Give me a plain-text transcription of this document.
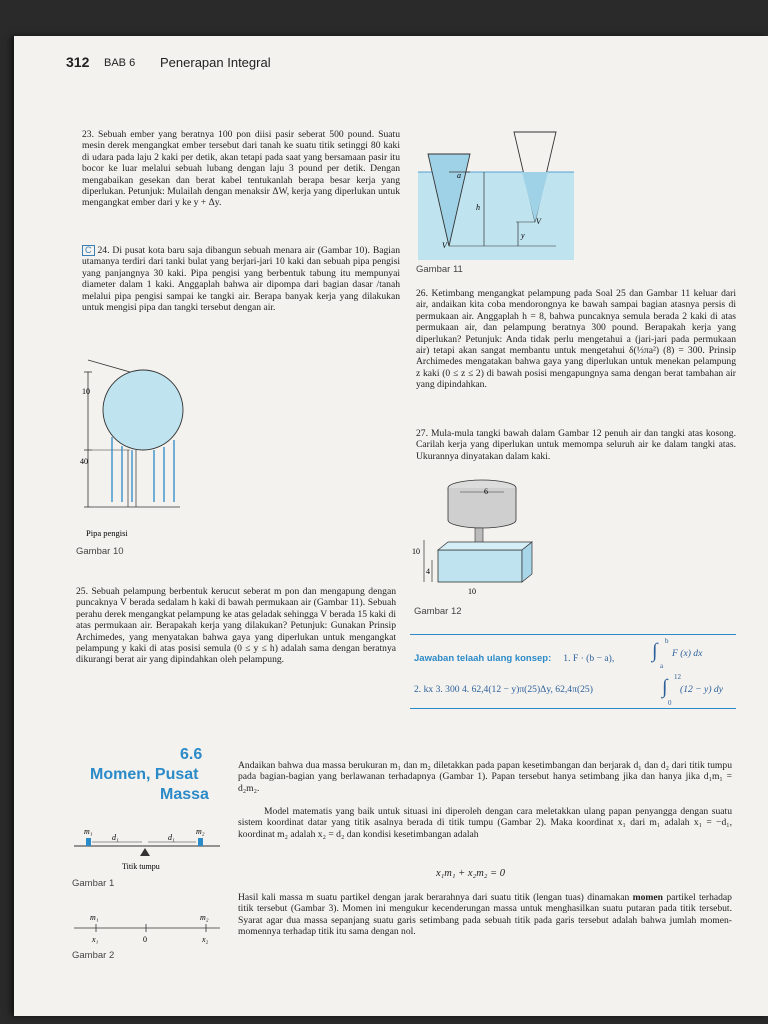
312 BAB 6 Penerapan Integral
23. Sebuah ember yang beratnya 100 pon diisi pasir seberat 500 pound. Suatu mesin derek mengangkat ember tersebut dari tanah ke suatu titik setinggi 80 kaki di udara pada laju 2 kaki per detik, akan tetapi pada saat yang bersamaan pasir itu bocor ke luar melalui sebuah lubang dengan laju 3 pound per detik. Dengan mengabaikan gesekan dan berat kabel tentukanlah berapa besar kerja yang diperlukan. Petunjuk: Mulailah dengan menaksir ΔW, kerja yang diperlukan untuk mengangkat ember dari y ke y + Δy.
C 24. Di pusat kota baru saja dibangun sebuah menara air (Gambar 10). Bagian utamanya terdiri dari tanki bulat yang berjari-jari 10 kaki dan sebuah pipa pengisi yang panjangnya 30 kaki. Pipa pengisi yang berbentuk tabung itu mempunyai diameter dalam 1 kaki. Anggaplah bahwa air dipompa dari bagian dasar /tanah melalui pipa pengisi sampai ke tangki air. Berapa banyak kerja yang dilakukan untuk mengisi pipa dan tangki tersebut dengan air.
10
40
Pipa pengisi
Gambar 10
25. Sebuah pelampung berbentuk kerucut seberat m pon dan mengapung dengan puncaknya V berada sedalam h kaki di bawah permukaan air (Gambar 11). Sebuah perahu derek mengangkat pelampung ke atas geladak sehingga V berada 15 kaki di atas permukaan air. Berapakah kerja yang dilakukan? Petunjuk: Gunakan Prinsip Archimedes, yang menyatakan bahwa gaya yang diperlukan untuk mengangkat pelampung y kaki di atas posisi semula (0 ≤ y ≤ h) adalah sama dengan beratnya dikurangi berat air yang dipindahkan oleh pelampung.
a
h
V
V
y
Gambar 11
26. Ketimbang mengangkat pelampung pada Soal 25 dan Gambar 11 keluar dari air, andaikan kita coba mendorongnya ke bawah sampai bagian atasnya persis di permukaan air. Anggaplah h = 8, bahwa puncaknya semula berada 2 kaki di atas permukaan air, dan pelampung beratnya 300 pound. Berapakah kerja yang diperlukan? Petunjuk: Anda tidak perlu mengetahui a (jari-jari pada permukaan air) tetapi akan sangat membantu untuk mengetahui δ(⅓πa²) (8) = 300. Prinsip Archimedes mengatakan bahwa gaya yang diperlukan untuk menekan pelampung z kaki (0 ≤ z ≤ 2) di bawah posisi mengapungnya sama dengan berat tambahan air yang dipindahkan.
27. Mula-mula tangki bawah dalam Gambar 12 penuh air dan tangki atas kosong. Carilah kerja yang diperlukan untuk memompa seluruh air ke dalam tangki atas. Ukurannya dinyatakan dalam kaki.
6
10
4
10
Gambar 12
Jawaban telaah ulang konsep: 1. F · (b − a), ∫ b
a
F (x) dx
2. kx 3. 300 4. 62,4(12 − y)π(25)Δy, 62,4π(25)	∫ 12
0
(12 − y) dy
6.6
Momen, Pusat
Massa
Andaikan bahwa dua massa berukuran m₁ dan m₂ diletakkan pada papan kesetimbangan dan berjarak d₁ dan d₂ dari titik tumpu pada bagian-bagian yang berlawanan terhadapnya (Gambar 1). Papan tersebut hanya setimbang jika dan hanya jika d₁m₁ = d₂m₂.
Model matematis yang baik untuk situasi ini diperoleh dengan cara meletakkan ulang papan penyangga dengan suatu sistem koordinat datar yang titik asalnya berada di titik tumpu (Gambar 2). Maka koordinat x₁ dari m₁ adalah x₁ = −d₁, koordinat m₂ adalah x₂ = d₂ dan kondisi kesetimbangan adalah
x₁m₁ + x₂m₂ = 0
Hasil kali massa m suatu partikel dengan jarak berarahnya dari suatu titik (lengan tuas) dinamakan momen partikel terhadap titik tersebut (Gambar 3). Momen ini mengukur kecenderungan massa untuk menghasilkan suatu putaran pada titik tersebut. Syarat agar dua massa sepanjang suatu garis setimbang pada sebuah titik pada garis tersebut adalah bahwa jumlah momen-momennya terhadap titik itu sama dengan nol.
m₁	m₂
d₁	d₁
Titik tumpu
Gambar 1
m₁	m₂
x₁	0	x₂
Gambar 2
